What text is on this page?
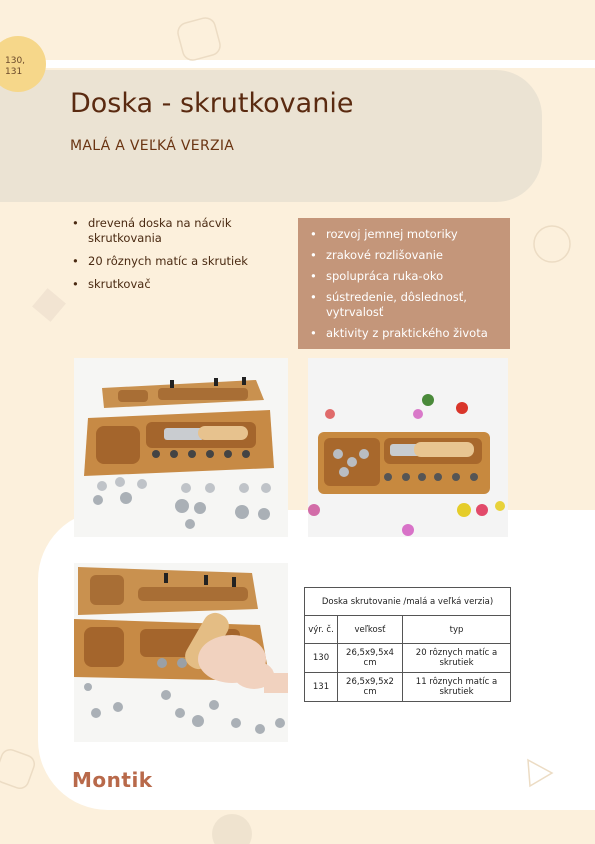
130,
131
Doska - skrutkovanie
MALÁ A VEĽKÁ VERZIA
• drevená doska na nácvik skrutkovania
• 20 rôznych matíc a skrutiek
• skrutkovač
• rozvoj jemnej motoriky
• zrakové rozlišovanie
• spolupráca ruka-oko
• sústredenie, dôslednosť, vytrvalosť
• aktivity z praktického života
Doska skrutovanie /malá a veľká verzia)		
výr. č.	veľkosť	typ
130	26,5x9,5x4 cm	20 rôznych matíc a skrutiek
131	26,5x9,5x2 cm	11 rôznych matíc a skrutiek
Montik
